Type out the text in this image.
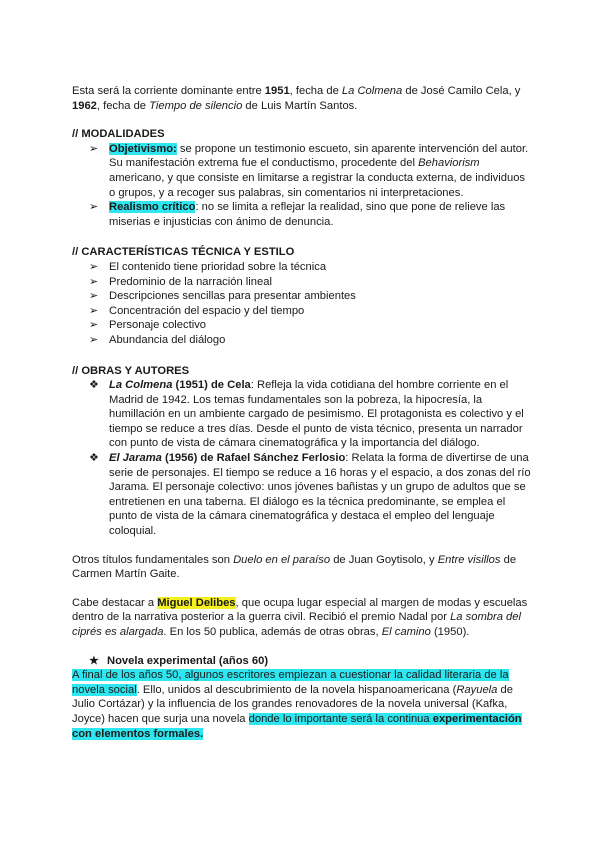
Esta será la corriente dominante entre 1951, fecha de La Colmena de José Camilo Cela, y 1962, fecha de Tiempo de silencio de Luis Martín Santos.

// MODALIDADES

➢ Objetivismo: se propone un testimonio escueto, sin aparente intervención del autor. Su manifestación extrema fue el conductismo, procedente del Behaviorism americano, y que consiste en limitarse a registrar la conducta externa, de individuos o grupos, y a recoger sus palabras, sin comentarios ni interpretaciones.
➢ Realismo crítico: no se limita a reflejar la realidad, sino que pone de relieve las miserias e injusticias con ánimo de denuncia.

// CARACTERÍSTICAS TÉCNICA Y ESTILO

➢ El contenido tiene prioridad sobre la técnica
➢ Predominio de la narración lineal
➢ Descripciones sencillas para presentar ambientes
➢ Concentración del espacio y del tiempo
➢ Personaje colectivo
➢ Abundancia del diálogo

// OBRAS Y AUTORES

❖ La Colmena (1951) de Cela: Refleja la vida cotidiana del hombre corriente en el Madrid de 1942. Los temas fundamentales son la pobreza, la hipocresía, la humillación en un ambiente cargado de pesimismo. El protagonista es colectivo y el tiempo se reduce a tres días. Desde el punto de vista técnico, presenta un narrador con punto de vista de cámara cinematográfica y la importancia del diálogo.
❖ El Jarama (1956) de Rafael Sánchez Ferlosio: Relata la forma de divertirse de una serie de personajes. El tiempo se reduce a 16 horas y el espacio, a dos zonas del río Jarama. El personaje colectivo: unos jóvenes bañistas y un grupo de adultos que se entretienen en una taberna. El diálogo es la técnica predominante, se emplea el punto de vista de la cámara cinematográfica y destaca el empleo del lenguaje coloquial.

Otros títulos fundamentales son Duelo en el paraíso de Juan Goytisolo, y Entre visillos de Carmen Martín Gaite.

Cabe destacar a Miguel Delibes, que ocupa lugar especial al margen de modas y escuelas dentro de la narrativa posterior a la guerra civil. Recibió el premio Nadal por La sombra del ciprés es alargada. En los 50 publica, además de otras obras, El camino (1950).

★ Novela experimental (años 60)

A final de los años 50, algunos escritores empiezan a cuestionar la calidad literaria de la novela social. Ello, unidos al descubrimiento de la novela hispanoamericana (Rayuela de Julio Cortázar) y la influencia de los grandes renovadores de la novela universal (Kafka, Joyce) hacen que surja una novela donde lo importante será la continua experimentación con elementos formales.
